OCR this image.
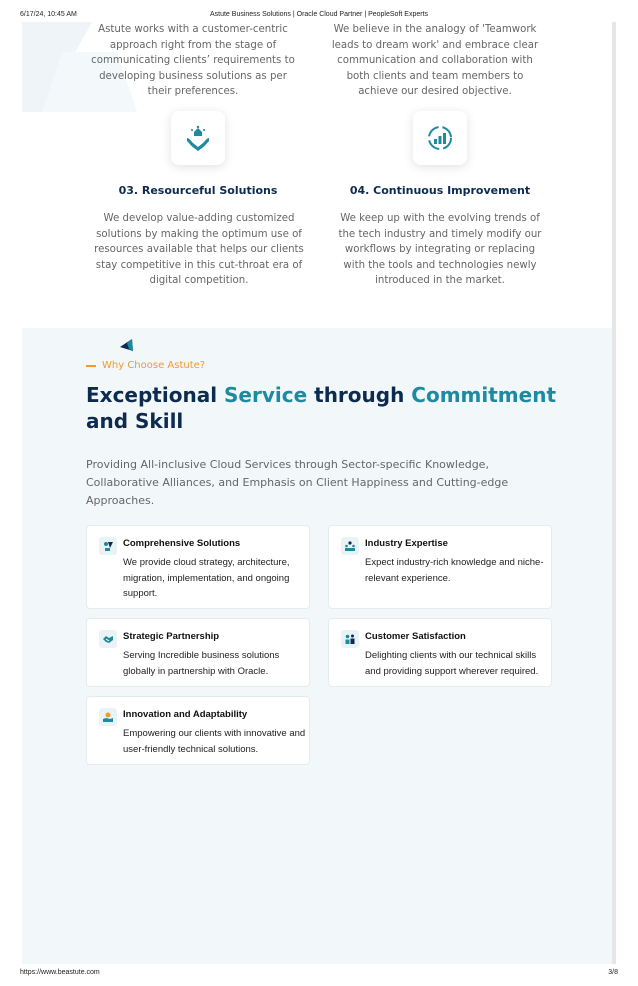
6/17/24, 10:45 AM	Astute Business Solutions | Oracle Cloud Partner | PeopleSoft Experts

Astute works with a customer-centric approach right from the stage of communicating clients’ requirements to developing business solutions as per their preferences.

We believe in the analogy of 'Teamwork leads to dream work' and embrace clear communication and collaboration with both clients and team members to achieve our desired objective.

03. Resourceful Solutions

We develop value-adding customized solutions by making the optimum use of resources available that helps our clients stay competitive in this cut-throat era of digital competition.

04. Continuous Improvement

We keep up with the evolving trends of the tech industry and timely modify our workflows by integrating or replacing with the tools and technologies newly introduced in the market.

Why Choose Astute?
Exceptional Service through Commitment and Skill

Providing All-inclusive Cloud Services through Sector-specific Knowledge, Collaborative Alliances, and Emphasis on Client Happiness and Cutting-edge Approaches.

Comprehensive Solutions

We provide cloud strategy, architecture, migration, implementation, and ongoing support.

Industry Expertise

Expect industry-rich knowledge and niche-relevant experience.

Strategic Partnership

Serving Incredible business solutions globally in partnership with Oracle.

Customer Satisfaction

Delighting clients with our technical skills and providing support wherever required.

Innovation and Adaptability

Empowering our clients with innovative and user-friendly technical solutions.

https://www.beastute.com	3/8
